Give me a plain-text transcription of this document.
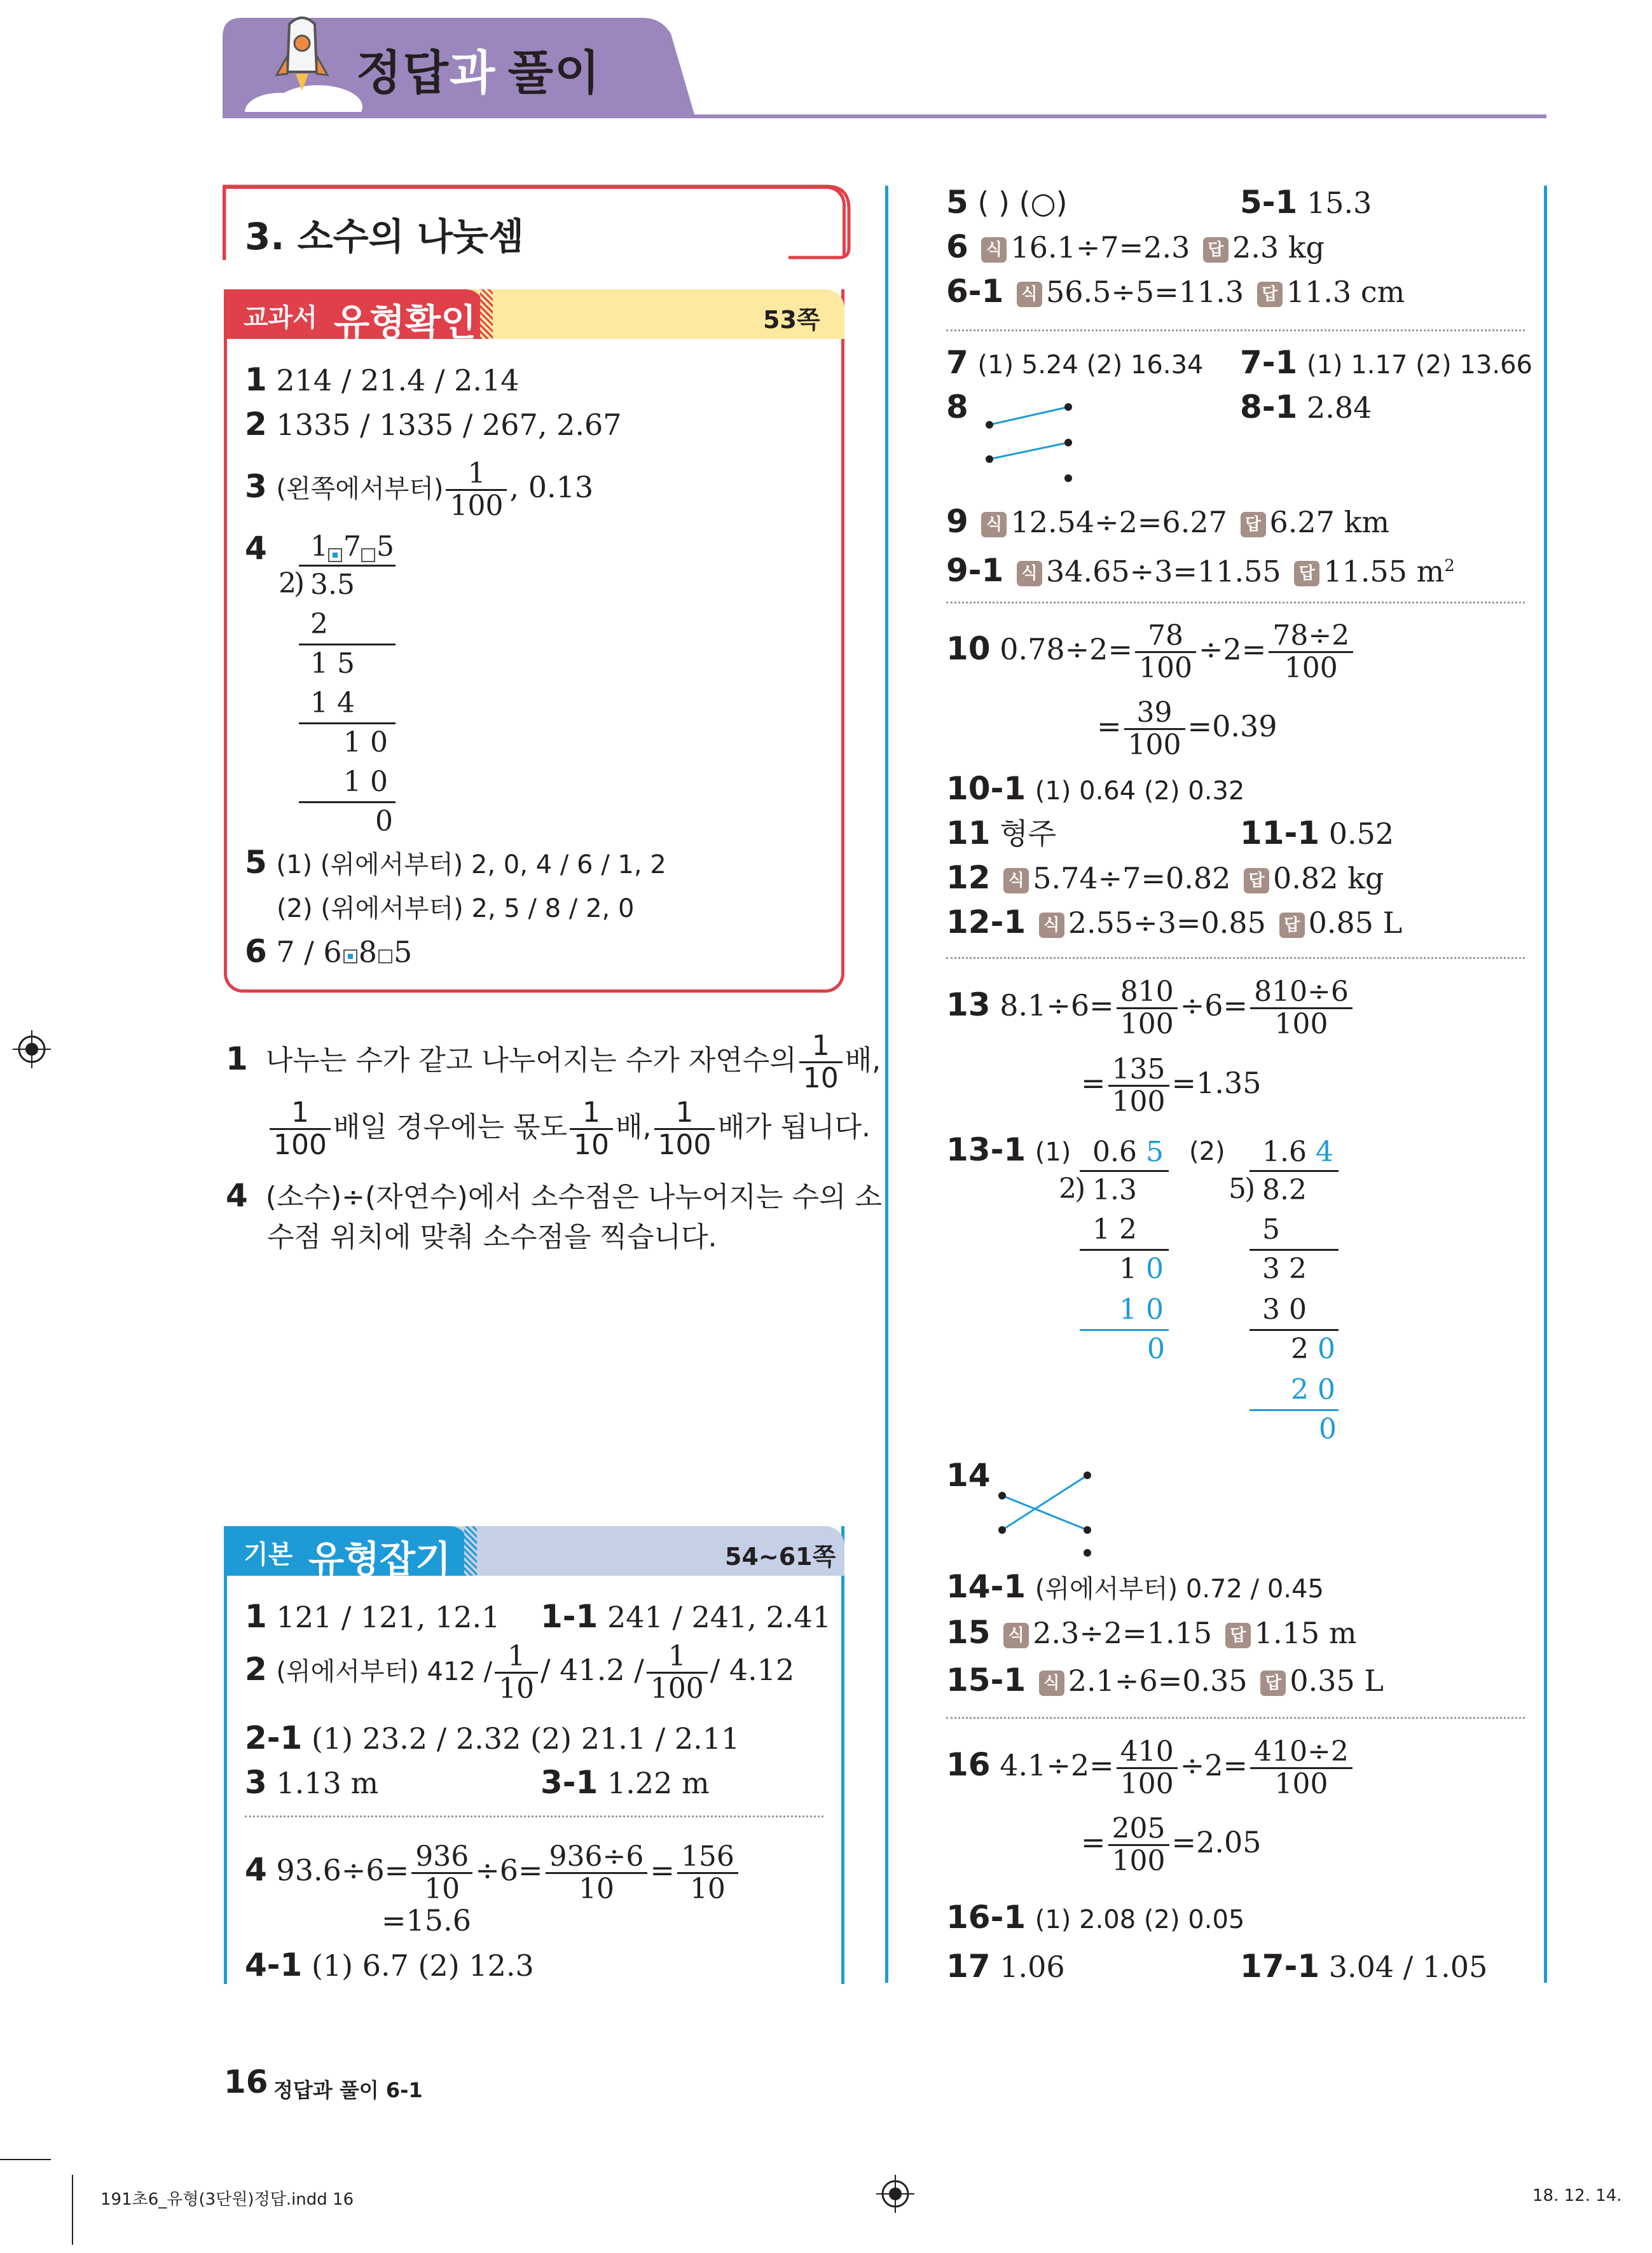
정답과 풀이
3. 소수의 나눗셈
교과서 유형확인	53쪽
1 214 / 21.4 / 2.14
2 1335 / 1335 / 267, 2.67
3 (왼쪽에서부터) $\frac{1}{100}$ , 0.13
4 1 7 5
2
) 3.5
2
1 5
1 4
1 0
1 0
0
5 (1) (위에서부터) 2, 0, 4 / 6 / 1, 2
(2) (위에서부터) 2, 5 / 8 / 2, 0
6 7 / 6 8 5
1 나누는 수가 같고 나누어지는 수가 자연수의 $\frac{1}{10}$ 배,
$\frac{1}{100}$ 배일 경우에는 몫도 $\frac{1}{10}$ 배, $\frac{1}{100}$ 배가 됩니다.
4 (소수)÷(자연수)에서 소수점은 나누어지는 수의 소
수점 위치에 맞춰 소수점을 찍습니다.
기본 유형잡기	54~61쪽
1 121 / 121, 12.1 1-1 241 / 241, 2.41
2 (위에서부터) $412 / \frac{1}{10} / 41.2 / \frac{1}{100} / 4.12$
2-1 (1) 23.2 / 2.32 (2) 21.1 / 2.11
3 1.13 m	3-1 1.22 m
4 $93.6\div 6= \frac{936}{10} \div 6= \frac{936\div 6}{10} = \frac{156}{10}$
=15.6
4-1 (1) 6.7 (2) 12.3
5 ( ) (○)	5-1 15.3
6 식 16.1÷7=2.3 답 2.3 kg
6-1 식 56.5÷5=11.3 답 11.3 cm
7 (1) 5.24 (2) 16.34 7-1 (1) 1.17 (2) 13.66
8	8-1 2.84
9 식 12.54÷2=6.27 답 6.27 km
9-1 식 34.65÷3=11.55 답 11.55 $m^2$
10 $0.78\div 2= \frac{78}{100} \div 2= \frac{78\div 2}{100}$
= $\frac{39}{100} =0.39$
10-1 (1) 0.64 (2) 0.32
11 형주	11-1 0.52
12 식 5.74÷7=0.82 답 0.82 kg
12-1 식 2.55÷3=0.85 답 0.85 L
13 $8.1\div 6= \frac{810}{100} \div 6= \frac{810\div 6}{100}$
= $\frac{135}{100} =1.35$
13-1 (1)	(2)
0.6 5
2
) 1.3
1 2
1 0
1 0
0
1.6 4
5
) 8.2
5
3 2
3 0
2 0
2 0
0
14
14-1 (위에서부터) 0.72 / 0.45
15 식 2.3÷2=1.15 답 1.15 m
15-1 식 2.1÷6=0.35 답 0.35 L
16 $4.1\div 2= \frac{410}{100} \div 2= \frac{410\div 2}{100}$
= $\frac{205}{100} =2.05$
16-1 (1) 2.08 (2) 0.05
17 1.06	17-1 3.04 / 1.05
16 정답과 풀이 6-1
191초6_유형(3단원)정답.indd 16	18. 12. 14.
